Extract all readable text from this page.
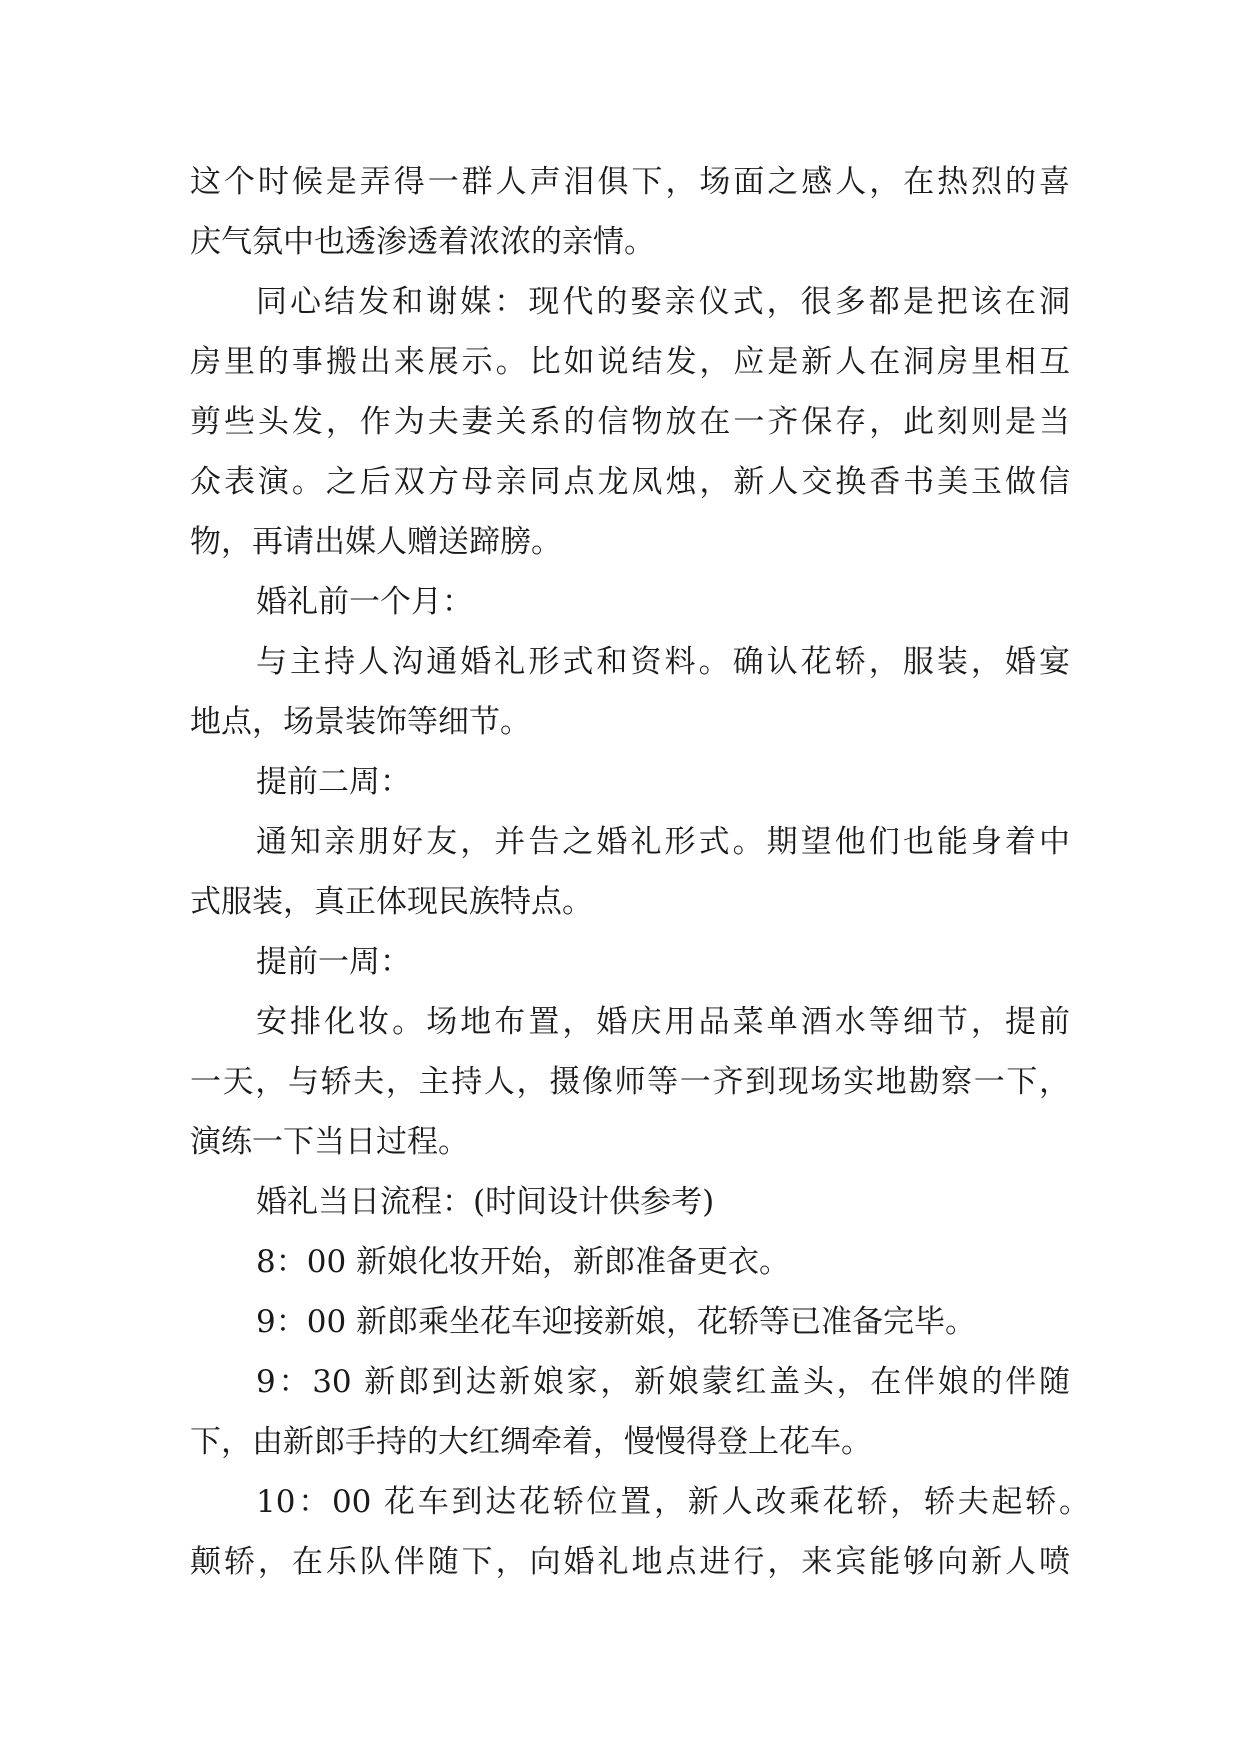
这个时候是弄得一群人声泪俱下，场面之感人，在热烈的喜
庆气氛中也透渗透着浓浓的亲情。
同心结发和谢媒：现代的娶亲仪式，很多都是把该在洞
房里的事搬出来展示。比如说结发，应是新人在洞房里相互
剪些头发，作为夫妻关系的信物放在一齐保存，此刻则是当
众表演。之后双方母亲同点龙凤烛，新人交换香书美玉做信
物，再请出媒人赠送蹄膀。
婚礼前一个月：
与主持人沟通婚礼形式和资料。确认花轿，服装，婚宴
地点，场景装饰等细节。
提前二周：
通知亲朋好友，并告之婚礼形式。期望他们也能身着中
式服装，真正体现民族特点。
提前一周：
安排化妆。场地布置，婚庆用品菜单酒水等细节，提前
一天，与轿夫，主持人，摄像师等一齐到现场实地勘察一下，
演练一下当日过程。
婚礼当日流程：(时间设计供参考)
8：00 新娘化妆开始，新郎准备更衣。
9：00 新郎乘坐花车迎接新娘，花轿等已准备完毕。
9：30 新郎到达新娘家，新娘蒙红盖头，在伴娘的伴随
下，由新郎手持的大红绸牵着，慢慢得登上花车。
10：00 花车到达花轿位置，新人改乘花轿，轿夫起轿。
颠轿，在乐队伴随下，向婚礼地点进行，来宾能够向新人喷
